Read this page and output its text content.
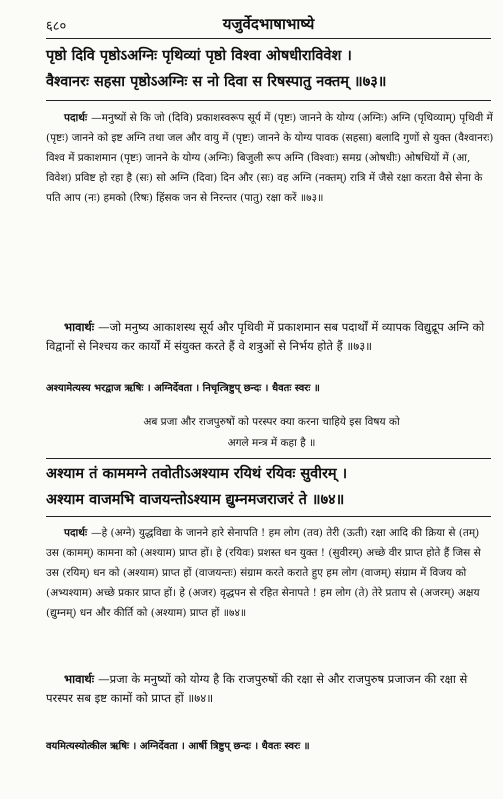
६८०	यजुर्वेदभाषाभाष्ये
पृष्ठो दिवि पृष्ठोऽअग्निः पृथिव्यां पृष्ठो विश्वा ओषधीराविवेश ।
वैश्वानरः सहसा पृष्ठोऽअग्निः स नो दिवा स रिषस्पातु नक्तम् ॥७३॥
पदार्थः —मनुष्यों से कि जो (दिवि) प्रकाशस्वरूप सूर्य में (पृष्टः) जानने के योग्य (अग्निः) अग्नि (पृथिव्याम्) पृथिवी में (पृष्टः) जानने को इष्ट अग्नि तथा जल और वायु में (पृष्टः) जानने के योग्य पावक (सहसा) बलादि गुणों से युक्त (वैश्वानरः) विश्व में प्रकाशमान (पृष्टः) जानने के योग्य (अग्निः) बिजुली रूप अग्नि (विश्वाः) समग्र (ओषधीः) ओषधियों में (आ, विवेश) प्रविष्ट हो रहा है (सः) सो अग्नि (दिवा) दिन और (सः) वह अग्नि (नक्तम्) रात्रि में जैसे रक्षा करता वैसे सेना के पति आप (नः) हमको (रिषः) हिंसक जन से निरन्तर (पातु) रक्षा करें ॥७३॥
भावार्थः —जो मनुष्य आकाशस्थ सूर्य और पृथिवी में प्रकाशमान सब पदार्थों में व्यापक विद्युद्रूप अग्नि को विद्वानों से निश्चय कर कार्यों में संयुक्त करते हैं वे शत्रुओं से निर्भय होते हैं ॥७३॥
अश्यामेत्यस्य भरद्वाज ऋषिः । अग्निर्देवता । निचृत्त्रिष्टुप् छन्दः । धैवतः स्वरः ॥
अब प्रजा और राजपुरुषों को परस्पर क्या करना चाहिये इस विषय को
अगले मन्त्र में कहा है ॥
अश्याम तं काममग्ने तवोतीऽअश्याम रयिथं रयिवः सुवीरम् ।
अश्याम वाजमभि वाजयन्तोऽश्याम द्युम्नमजराजरं ते ॥७४॥
पदार्थः —हे (अग्ने) युद्धविद्या के जानने हारे सेनापति ! हम लोग (तव) तेरी (ऊती) रक्षा आदि की क्रिया से (तम्) उस (कामम्) कामना को (अश्याम) प्राप्त हों। हे (रयिवः) प्रशस्त धन युक्त ! (सुवीरम्) अच्छे वीर प्राप्त होते हैं जिस से उस (रयिम्) धन को (अश्याम) प्राप्त हों (वाजयन्तः) संग्राम करते कराते हुए हम लोग (वाजम्) संग्राम में विजय को (अभ्यश्याम) अच्छे प्रकार प्राप्त हों। हे (अजर) वृद्धपन से रहित सेनापते ! हम लोग (ते) तेरे प्रताप से (अजरम्) अक्षय (द्युम्नम्) धन और कीर्ति को (अश्याम) प्राप्त हों ॥७४॥
भावार्थः —प्रजा के मनुष्यों को योग्य है कि राजपुरुषों की रक्षा से और राजपुरुष प्रजाजन की रक्षा से परस्पर सब इष्ट कामों को प्राप्त हों ॥७४॥
वयमित्यस्योत्कील ऋषिः । अग्निर्देवता । आर्षी त्रिष्टुप् छन्दः । धैवतः स्वरः ॥
